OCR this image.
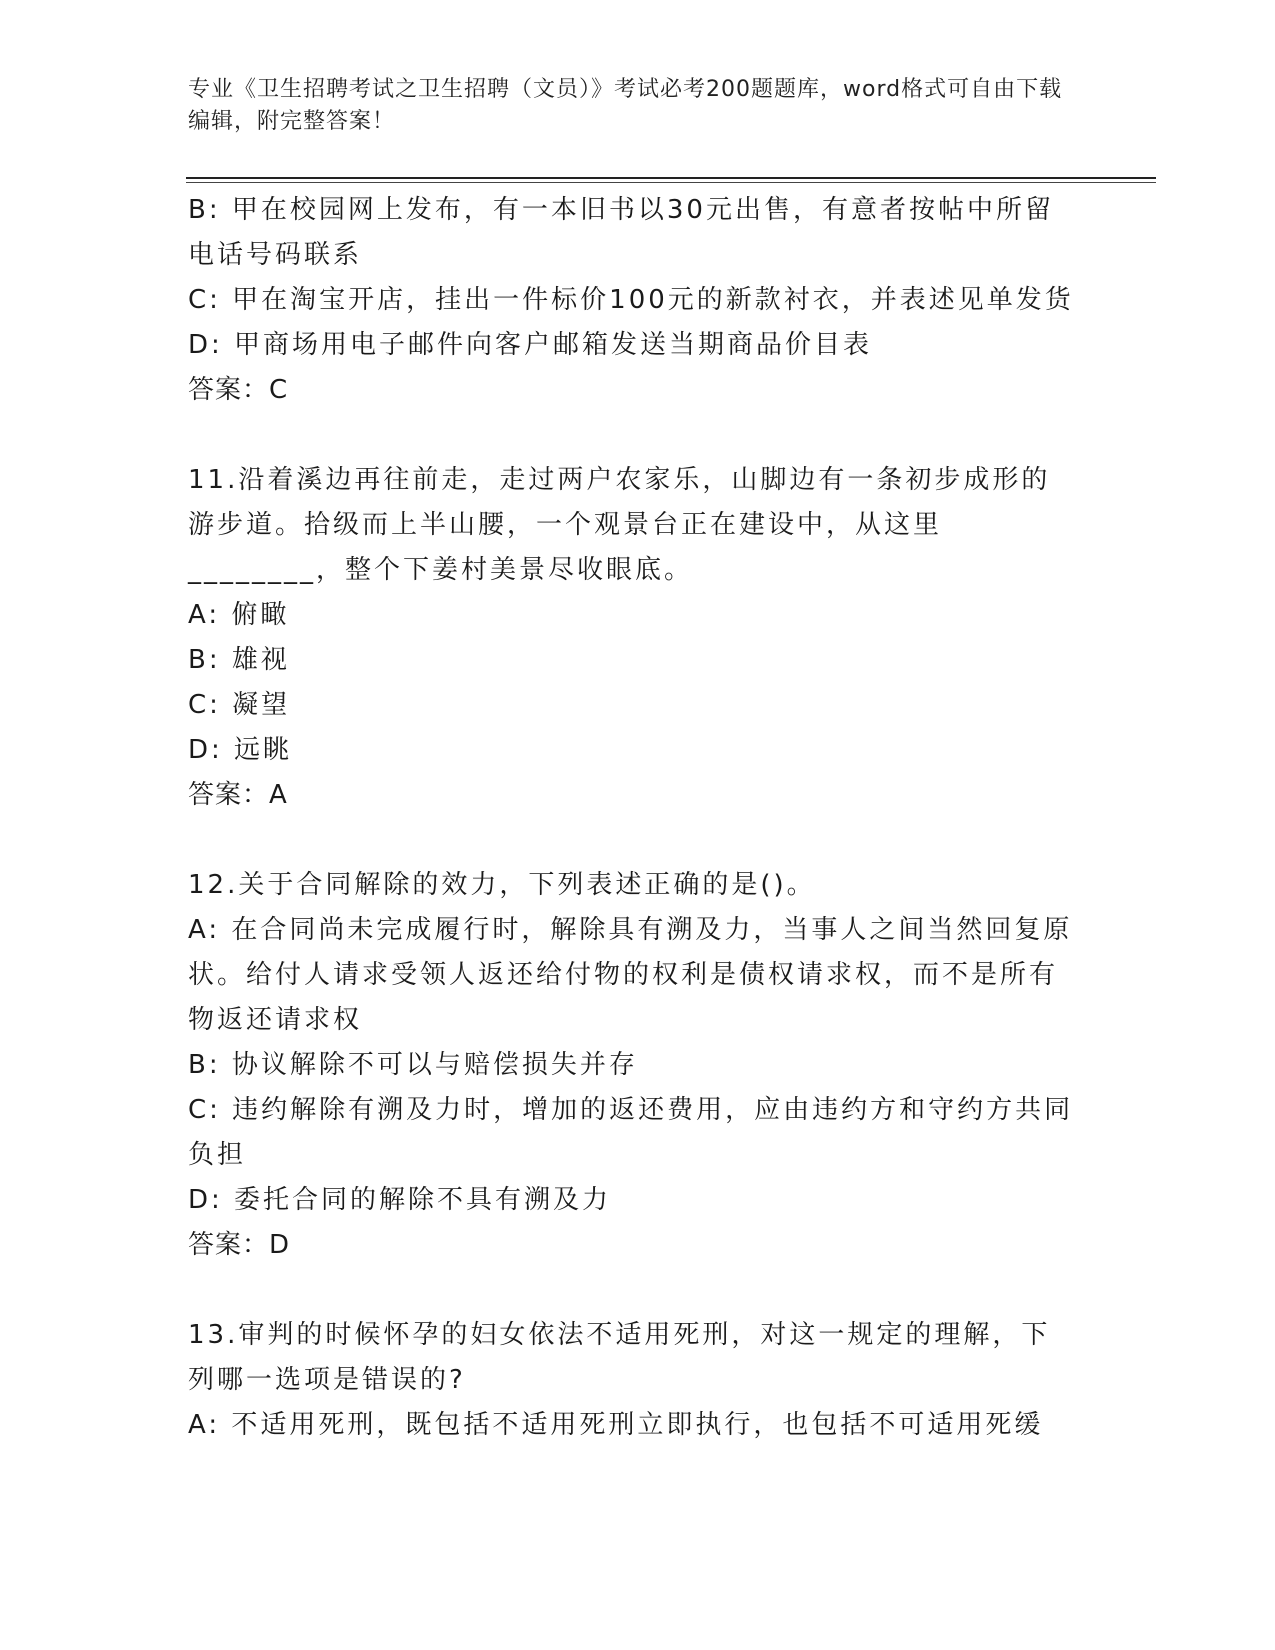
专业《卫生招聘考试之卫生招聘（文员）》考试必考200题题库，word格式可自由下载编辑，附完整答案！

B: 甲在校园网上发布，有一本旧书以30元出售，有意者按帖中所留电话号码联系

C: 甲在淘宝开店，挂出一件标价100元的新款衬衣，并表述见单发货

D: 甲商场用电子邮件向客户邮箱发送当期商品价目表

答案：C

11.沿着溪边再往前走，走过两户农家乐，山脚边有一条初步成形的游步道。拾级而上半山腰，一个观景台正在建设中，从这里________，整个下姜村美景尽收眼底。

A: 俯瞰

B: 雄视

C: 凝望

D: 远眺

答案：A

12.关于合同解除的效力，下列表述正确的是()。

A: 在合同尚未完成履行时，解除具有溯及力，当事人之间当然回复原状。给付人请求受领人返还给付物的权利是债权请求权，而不是所有物返还请求权

B: 协议解除不可以与赔偿损失并存

C: 违约解除有溯及力时，增加的返还费用，应由违约方和守约方共同负担

D: 委托合同的解除不具有溯及力

答案：D

13.审判的时候怀孕的妇女依法不适用死刑，对这一规定的理解，下列哪一选项是错误的?

A: 不适用死刑，既包括不适用死刑立即执行，也包括不可适用死缓
